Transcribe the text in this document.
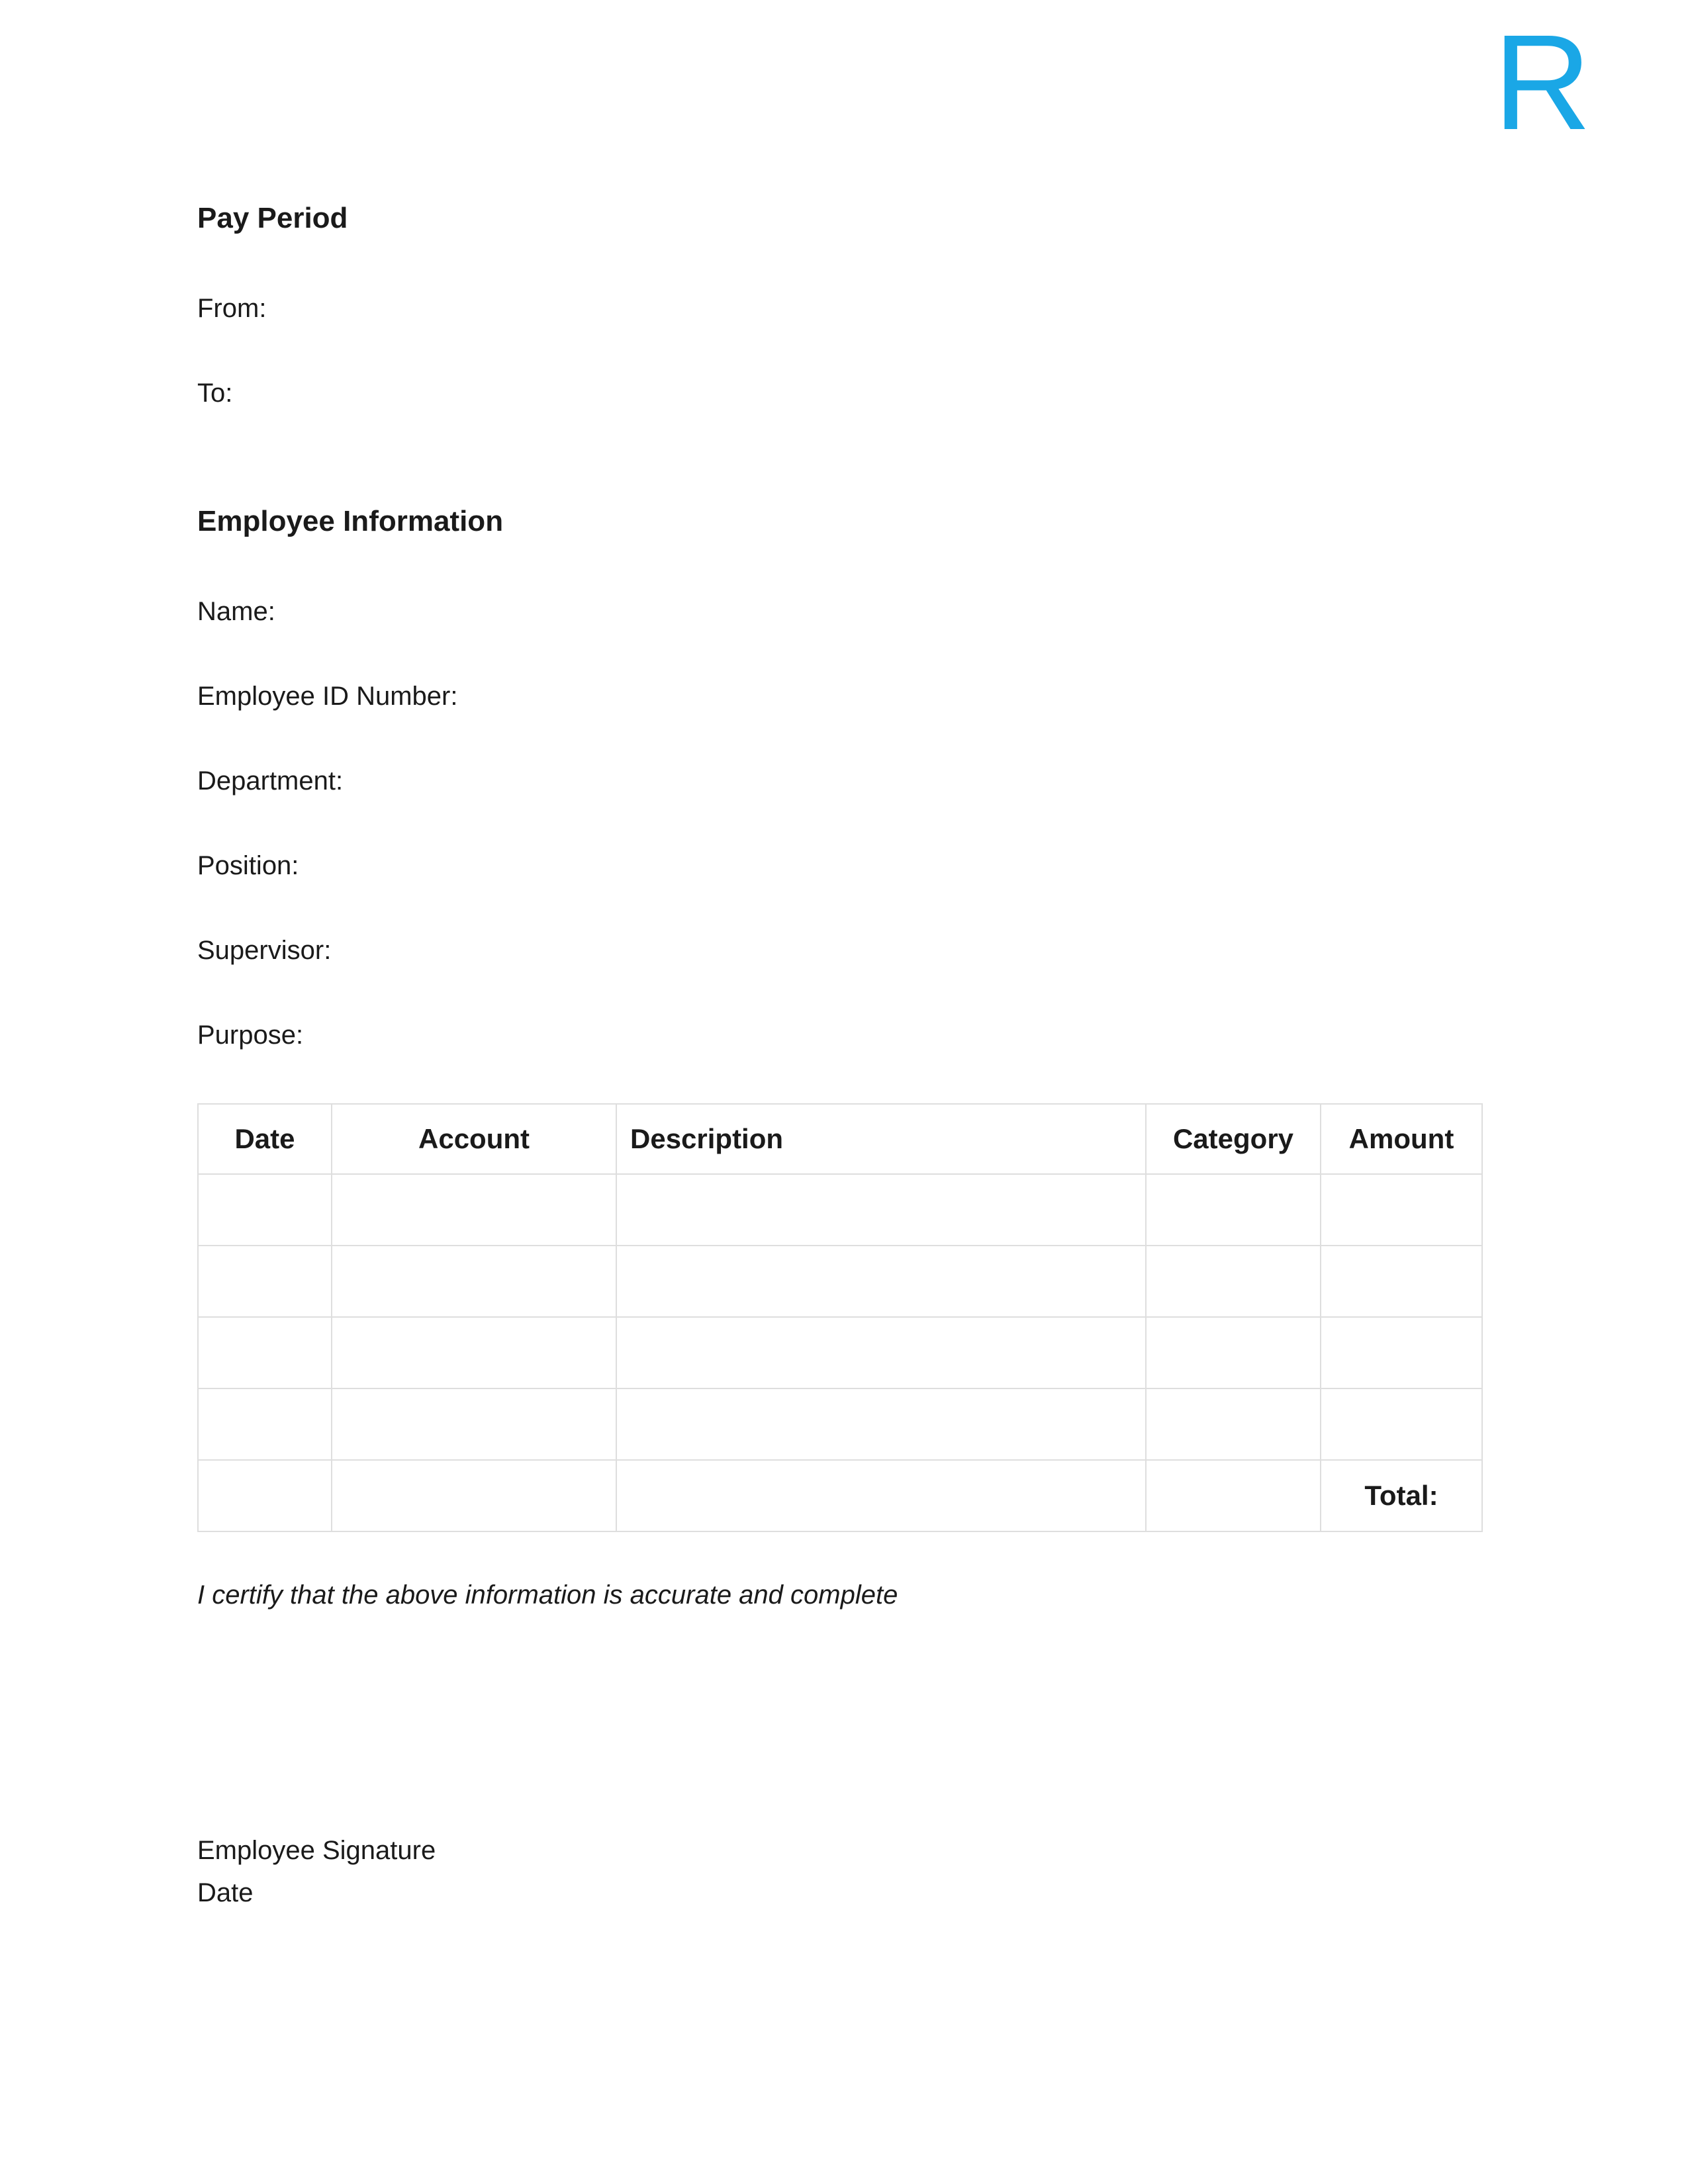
R
Pay Period
From:
To:
Employee Information
Name:
Employee ID Number:
Department:
Position:
Supervisor:
Purpose:
Date	Account	Description	Category	Amount

				Total:
I certify that the above information is accurate and complete
Employee Signature
Date
